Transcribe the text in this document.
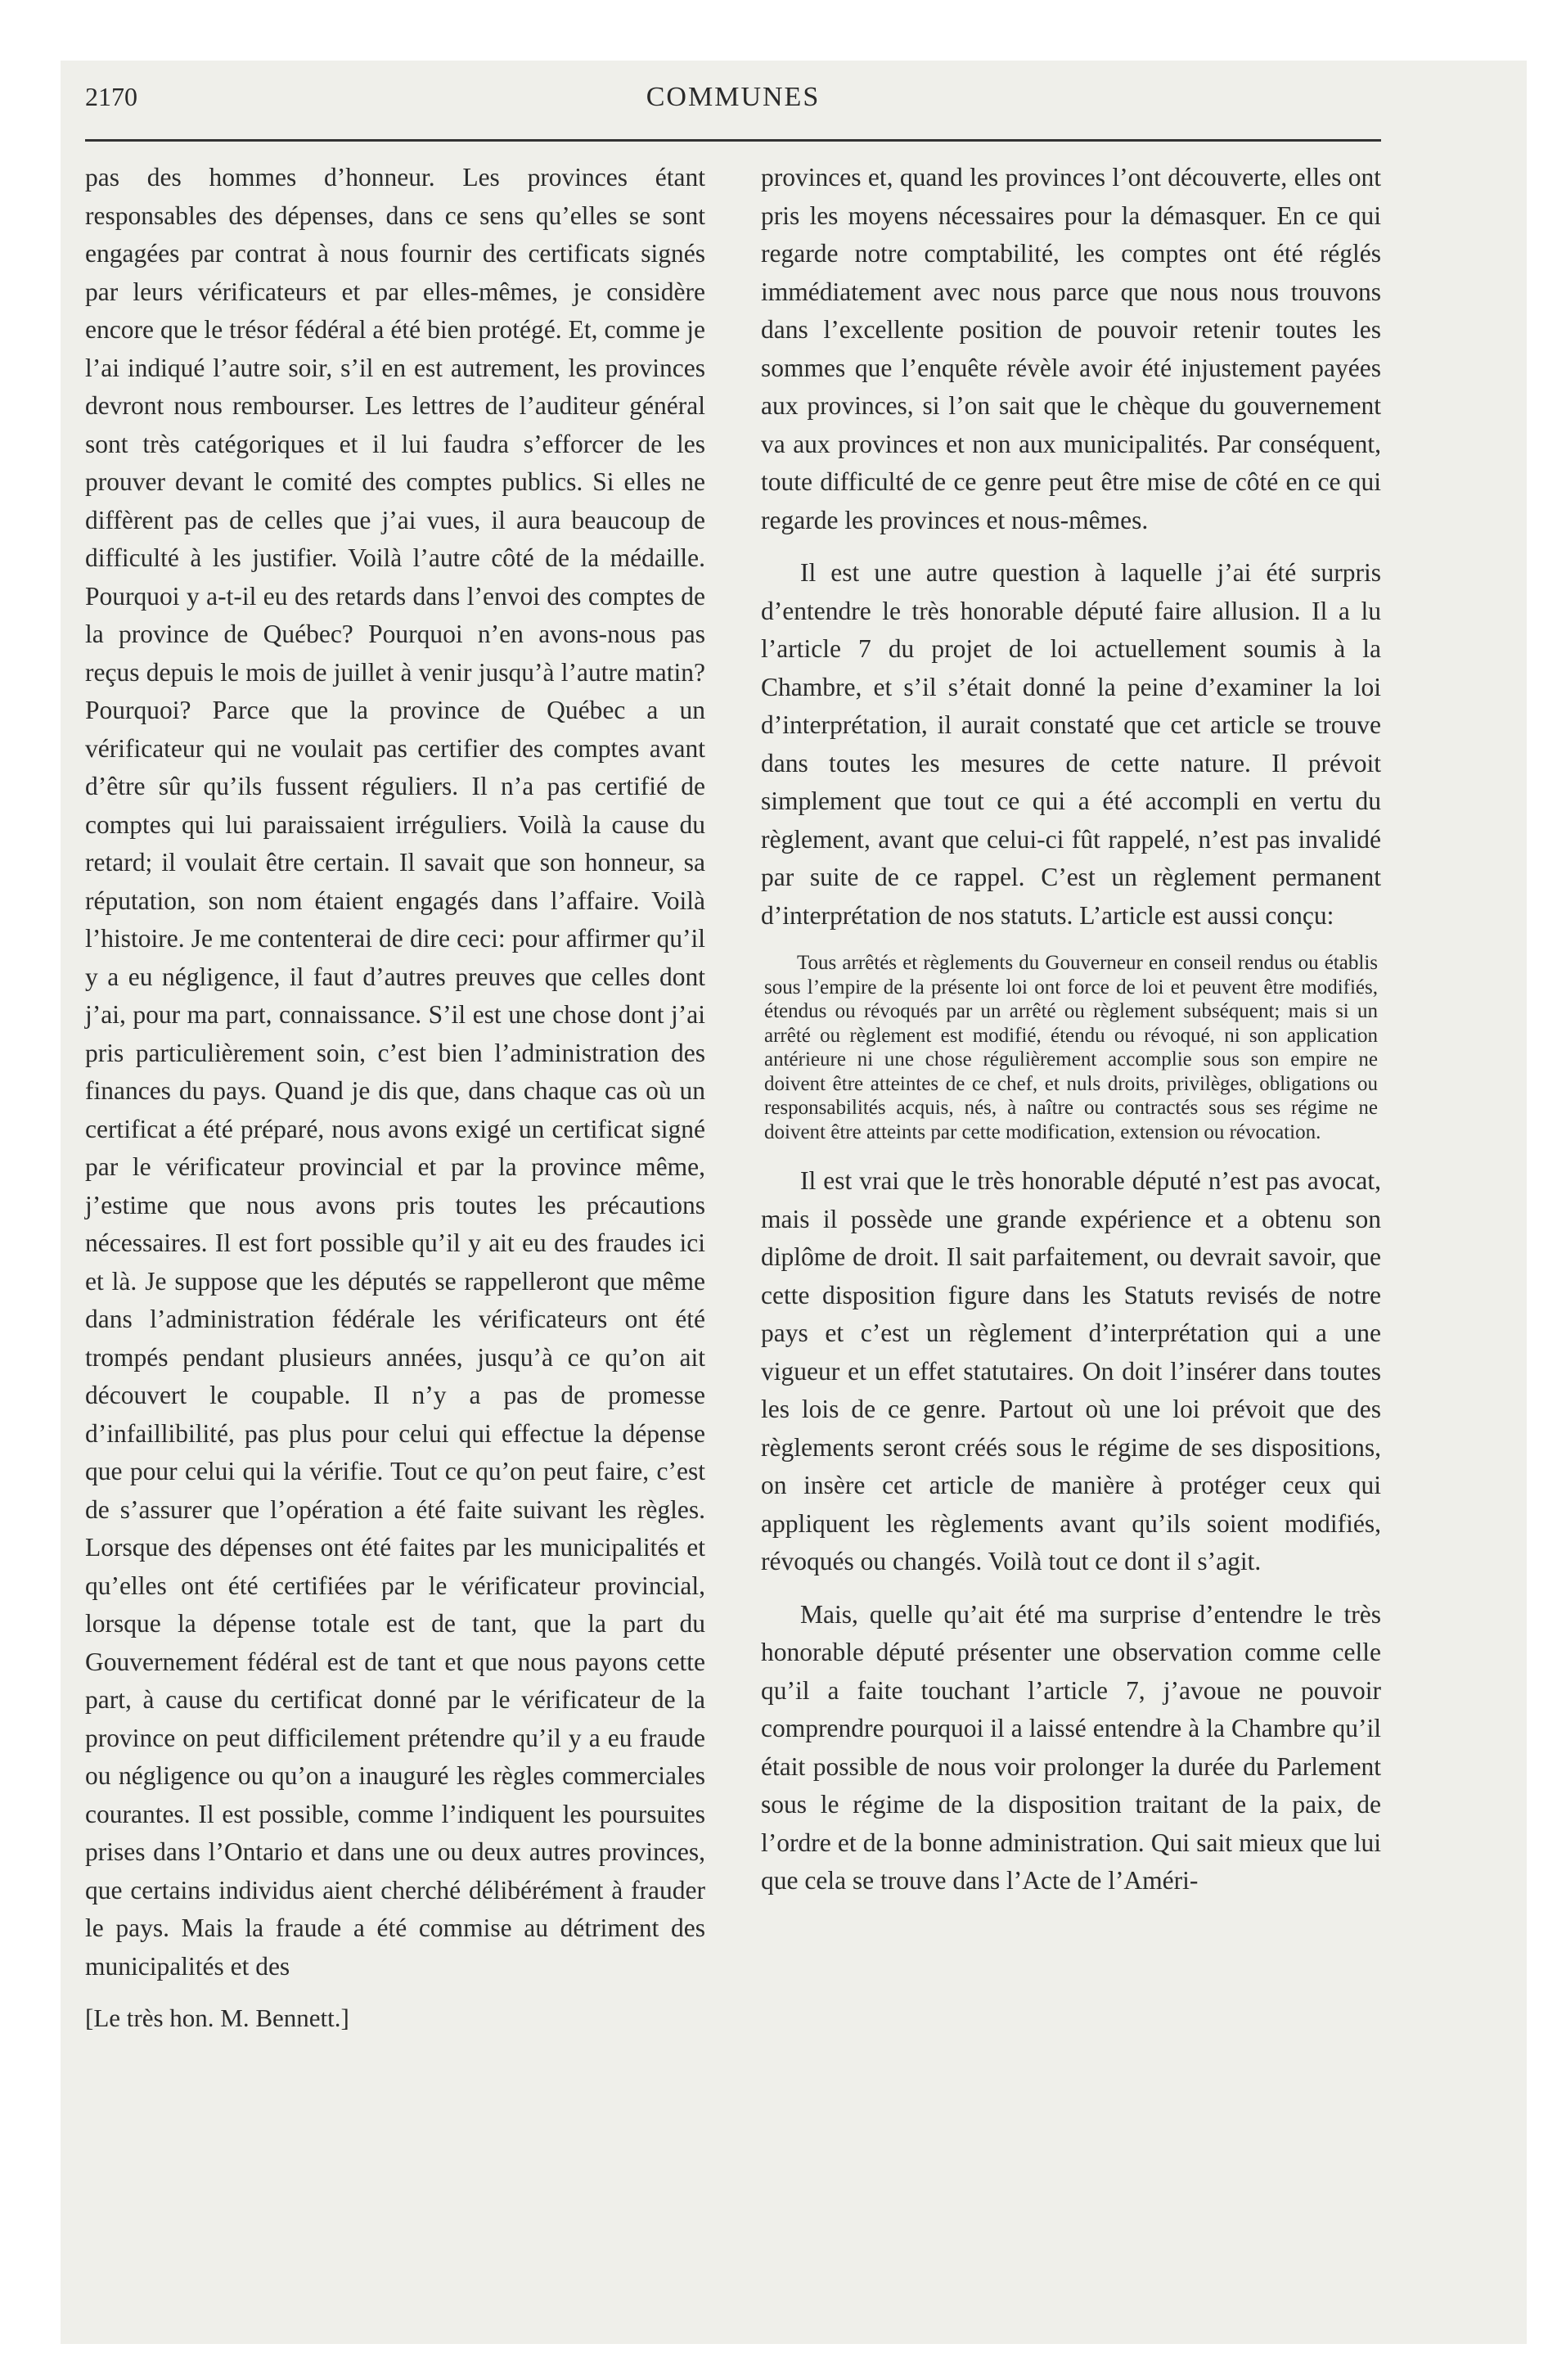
2170	COMMUNES

pas des hommes d’honneur. Les provinces étant responsables des dépenses, dans ce sens qu’elles se sont engagées par contrat à nous fournir des certificats signés par leurs vérificateurs et par elles-mêmes, je considère encore que le trésor fédéral a été bien protégé. Et, comme je l’ai indiqué l’autre soir, s’il en est autrement, les provinces devront nous rembourser. Les lettres de l’auditeur général sont très catégoriques et il lui faudra s’efforcer de les prouver devant le comité des comptes publics. Si elles ne diffèrent pas de celles que j’ai vues, il aura beaucoup de difficulté à les justifier. Voilà l’autre côté de la médaille. Pourquoi y a-t-il eu des retards dans l’envoi des comptes de la province de Québec? Pourquoi n’en avons-nous pas reçus depuis le mois de juillet à venir jusqu’à l’autre matin? Pourquoi? Parce que la province de Québec a un vérificateur qui ne voulait pas certifier des comptes avant d’être sûr qu’ils fussent réguliers. Il n’a pas certifié de comptes qui lui paraissaient irréguliers. Voilà la cause du retard; il voulait être certain. Il savait que son honneur, sa réputation, son nom étaient engagés dans l’affaire. Voilà l’histoire. Je me contenterai de dire ceci: pour affirmer qu’il y a eu négligence, il faut d’autres preuves que celles dont j’ai, pour ma part, connaissance. S’il est une chose dont j’ai pris particulièrement soin, c’est bien l’administration des finances du pays. Quand je dis que, dans chaque cas où un certificat a été préparé, nous avons exigé un certificat signé par le vérificateur provincial et par la province même, j’estime que nous avons pris toutes les précautions nécessaires. Il est fort possible qu’il y ait eu des fraudes ici et là. Je suppose que les députés se rappelleront que même dans l’administration fédérale les vérificateurs ont été trompés pendant plusieurs années, jusqu’à ce qu’on ait découvert le coupable. Il n’y a pas de promesse d’infaillibilité, pas plus pour celui qui effectue la dépense que pour celui qui la vérifie. Tout ce qu’on peut faire, c’est de s’assurer que l’opération a été faite suivant les règles. Lorsque des dépenses ont été faites par les municipalités et qu’elles ont été certifiées par le vérificateur provincial, lorsque la dépense totale est de tant, que la part du Gouvernement fédéral est de tant et que nous payons cette part, à cause du certificat donné par le vérificateur de la province on peut difficilement prétendre qu’il y a eu fraude ou négligence ou qu’on a inauguré les règles commerciales courantes. Il est possible, comme l’indiquent les poursuites prises dans l’Ontario et dans une ou deux autres provinces, que certains individus aient cherché délibérément à frauder le pays. Mais la fraude a été commise au détriment des municipalités et des

[Le très hon. M. Bennett.]

provinces et, quand les provinces l’ont découverte, elles ont pris les moyens nécessaires pour la démasquer. En ce qui regarde notre comptabilité, les comptes ont été réglés immédiatement avec nous parce que nous nous trouvons dans l’excellente position de pouvoir retenir toutes les sommes que l’enquête révèle avoir été injustement payées aux provinces, si l’on sait que le chèque du gouvernement va aux provinces et non aux municipalités. Par conséquent, toute difficulté de ce genre peut être mise de côté en ce qui regarde les provinces et nous-mêmes.

Il est une autre question à laquelle j’ai été surpris d’entendre le très honorable député faire allusion. Il a lu l’article 7 du projet de loi actuellement soumis à la Chambre, et s’il s’était donné la peine d’examiner la loi d’interprétation, il aurait constaté que cet article se trouve dans toutes les mesures de cette nature. Il prévoit simplement que tout ce qui a été accompli en vertu du règlement, avant que celui-ci fût rappelé, n’est pas invalidé par suite de ce rappel. C’est un règlement permanent d’interprétation de nos statuts. L’article est aussi conçu:

Tous arrêtés et règlements du Gouverneur en conseil rendus ou établis sous l’empire de la présente loi ont force de loi et peuvent être modifiés, étendus ou révoqués par un arrêté ou règlement subséquent; mais si un arrêté ou règlement est modifié, étendu ou révoqué, ni son application antérieure ni une chose régulièrement accomplie sous son empire ne doivent être atteintes de ce chef, et nuls droits, privilèges, obligations ou responsabilités acquis, nés, à naître ou contractés sous ses régime ne doivent être atteints par cette modification, extension ou révocation.

Il est vrai que le très honorable député n’est pas avocat, mais il possède une grande expérience et a obtenu son diplôme de droit. Il sait parfaitement, ou devrait savoir, que cette disposition figure dans les Statuts revisés de notre pays et c’est un règlement d’interprétation qui a une vigueur et un effet statutaires. On doit l’insérer dans toutes les lois de ce genre. Partout où une loi prévoit que des règlements seront créés sous le régime de ses dispositions, on insère cet article de manière à protéger ceux qui appliquent les règlements avant qu’ils soient modifiés, révoqués ou changés. Voilà tout ce dont il s’agit.

Mais, quelle qu’ait été ma surprise d’entendre le très honorable député présenter une observation comme celle qu’il a faite touchant l’article 7, j’avoue ne pouvoir comprendre pourquoi il a laissé entendre à la Chambre qu’il était possible de nous voir prolonger la durée du Parlement sous le régime de la disposition traitant de la paix, de l’ordre et de la bonne administration. Qui sait mieux que lui que cela se trouve dans l’Acte de l’Améri-
